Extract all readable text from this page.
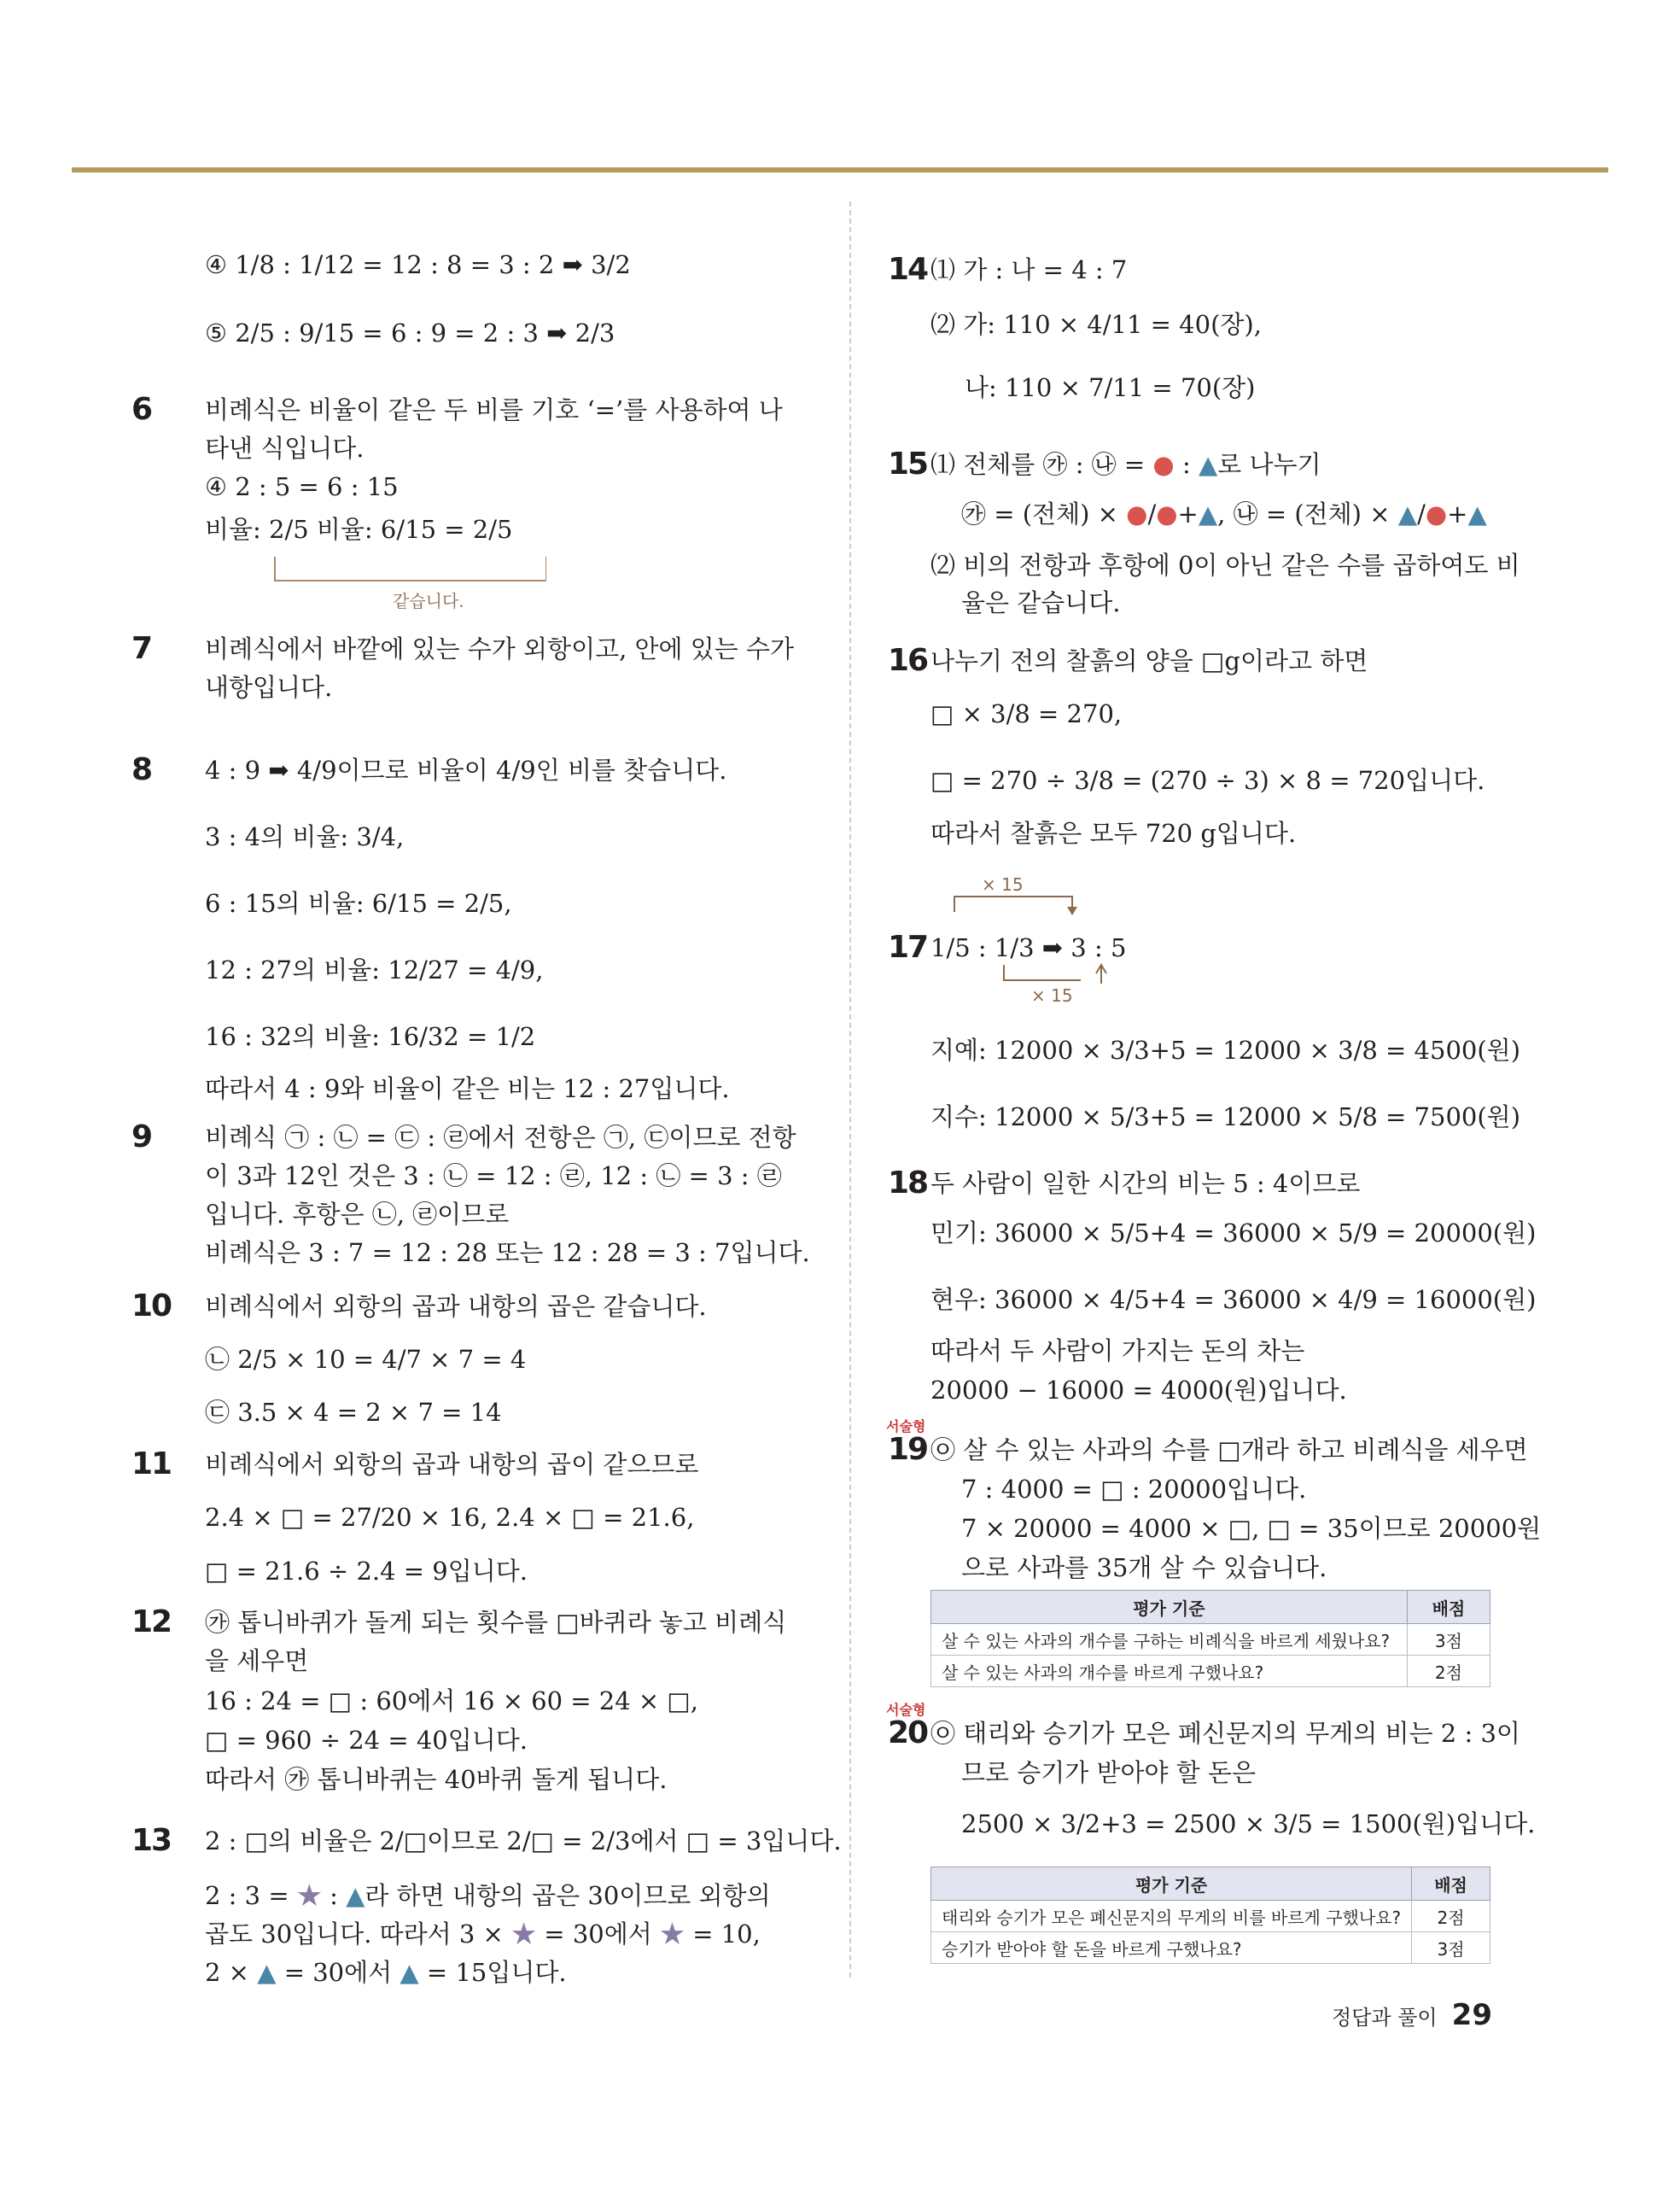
④ 1/8 : 1/12 = 12 : 8 = 3 : 2 ➡ 3/2
⑤ 2/5 : 9/15 = 6 : 9 = 2 : 3 ➡ 2/3
6 비례식은 비율이 같은 두 비를 기호 ‘=’를 사용하여 나
타낸 식입니다.
④ 2 : 5 = 6 : 15
비율: 2/5 비율: 6/15 = 2/5
같습니다.
7 비례식에서 바깥에 있는 수가 외항이고, 안에 있는 수가
내항입니다.
8 4 : 9 ➡ 4/9이므로 비율이 4/9인 비를 찾습니다.
3 : 4의 비율: 3/4,
6 : 15의 비율: 6/15 = 2/5,
12 : 27의 비율: 12/27 = 4/9,
16 : 32의 비율: 16/32 = 1/2
따라서 4 : 9와 비율이 같은 비는 12 : 27입니다.
9 비례식 ㉠ : ㉡ = ㉢ : ㉣에서 전항은 ㉠, ㉢이므로 전항
이 3과 12인 것은 3 : ㉡ = 12 : ㉣, 12 : ㉡ = 3 : ㉣
입니다. 후항은 ㉡, ㉣이므로
비례식은 3 : 7 = 12 : 28 또는 12 : 28 = 3 : 7입니다.
10 비례식에서 외항의 곱과 내항의 곱은 같습니다.
㉡ 2/5 × 10 = 4/7 × 7 = 4
㉢ 3.5 × 4 = 2 × 7 = 14
11 비례식에서 외항의 곱과 내항의 곱이 같으므로
2.4 × □ = 27/20 × 16, 2.4 × □ = 21.6,
□ = 21.6 ÷ 2.4 = 9입니다.
12 ㉮ 톱니바퀴가 돌게 되는 횟수를 □바퀴라 놓고 비례식
을 세우면
16 : 24 = □ : 60에서 16 × 60 = 24 × □,
□ = 960 ÷ 24 = 40입니다.
따라서 ㉮ 톱니바퀴는 40바퀴 돌게 됩니다.
13 2 : □의 비율은 2/□이므로 2/□ = 2/3에서 □ = 3입니다.
2 : 3 = ★ : ▲라 하면 내항의 곱은 30이므로 외항의
곱도 30입니다. 따라서 3 × ★ = 30에서 ★ = 10,
2 × ▲ = 30에서 ▲ = 15입니다.
14 ⑴ 가 : 나 = 4 : 7
⑵ 가: 110 × 4/11 = 40(장),
나: 110 × 7/11 = 70(장)
15 ⑴ 전체를 ㉮ : ㉯ = ● : ▲로 나누기
㉮ = (전체) × ●/●+▲, ㉯ = (전체) × ▲/●+▲
⑵ 비의 전항과 후항에 0이 아닌 같은 수를 곱하여도 비
율은 같습니다.
16 나누기 전의 찰흙의 양을 □g이라고 하면
□ × 3/8 = 270,
□ = 270 ÷ 3/8 = (270 ÷ 3) × 8 = 720입니다.
따라서 찰흙은 모두 720 g입니다.
17
× 15
× 15
1/5 : 1/3 ➡ 3 : 5
지예: 12000 × 3/3+5 = 12000 × 3/8 = 4500(원)
지수: 12000 × 5/3+5 = 12000 × 5/8 = 7500(원)
18 두 사람이 일한 시간의 비는 5 : 4이므로
민기: 36000 × 5/5+4 = 36000 × 5/9 = 20000(원)
현우: 36000 × 4/5+4 = 36000 × 4/9 = 16000(원)
따라서 두 사람이 가지는 돈의 차는
20000 − 16000 = 4000(원)입니다.
서술형
19 ㉧ 살 수 있는 사과의 수를 □개라 하고 비례식을 세우면
7 : 4000 = □ : 20000입니다.
7 × 20000 = 4000 × □, □ = 35이므로 20000원
으로 사과를 35개 살 수 있습니다.
평가 기준	배점
살 수 있는 사과의 개수를 구하는 비례식을 바르게 세웠나요?	3점
살 수 있는 사과의 개수를 바르게 구했나요?	2점
서술형
20 ㉧ 태리와 승기가 모은 폐신문지의 무게의 비는 2 : 3이
므로 승기가 받아야 할 돈은
2500 × 3/2+3 = 2500 × 3/5 = 1500(원)입니다.
평가 기준	배점
태리와 승기가 모은 폐신문지의 무게의 비를 바르게 구했나요?	2점
승기가 받아야 할 돈을 바르게 구했나요?	3점
정답과 풀이 29
